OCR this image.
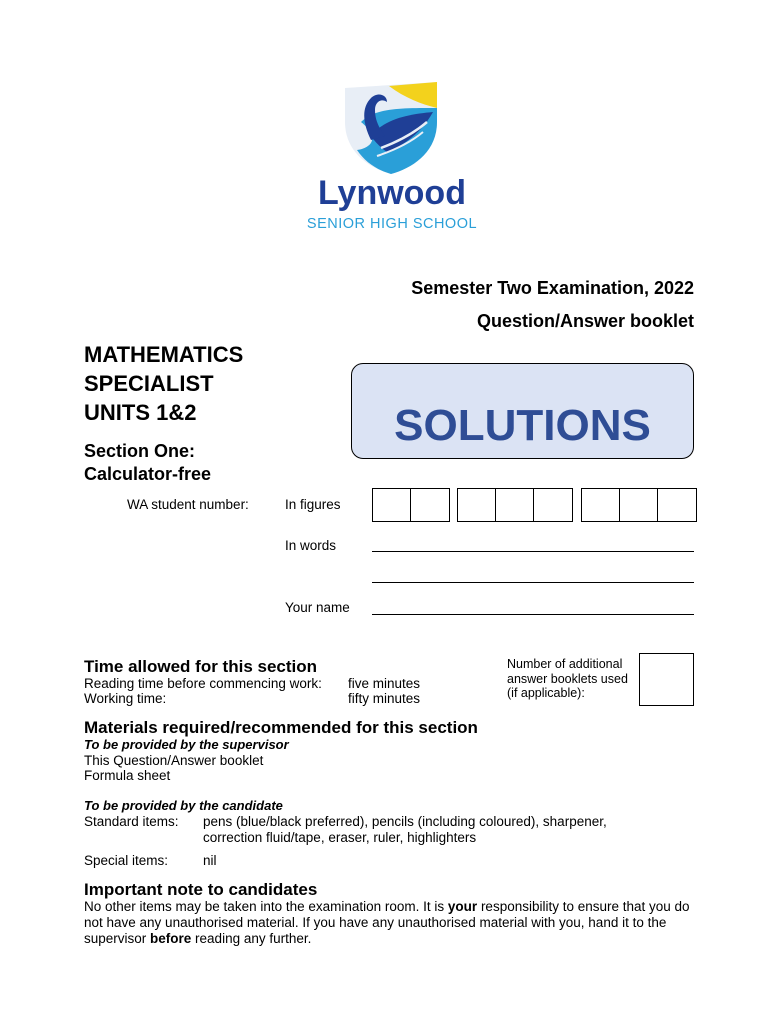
Lynwood
SENIOR HIGH SCHOOL
Semester Two Examination, 2022
Question/Answer booklet
MATHEMATICS
SPECIALIST
UNITS 1&2
Section One:
Calculator-free
SOLUTIONS
WA student number:	In figures
In words
Your name
Time allowed for this section
Reading time before commencing work: five minutes
Working time:	fifty minutes
Number of additional
answer booklets used
(if applicable):
Materials required/recommended for this section
To be provided by the supervisor
This Question/Answer booklet
Formula sheet
To be provided by the candidate
Standard items: pens (blue/black preferred), pencils (including coloured), sharpener, correction fluid/tape, eraser, ruler, highlighters
Special items:	nil
Important note to candidates
No other items may be taken into the examination room. It is your responsibility to ensure that you do not have any unauthorised material. If you have any unauthorised material with you, hand it to the supervisor before reading any further.
